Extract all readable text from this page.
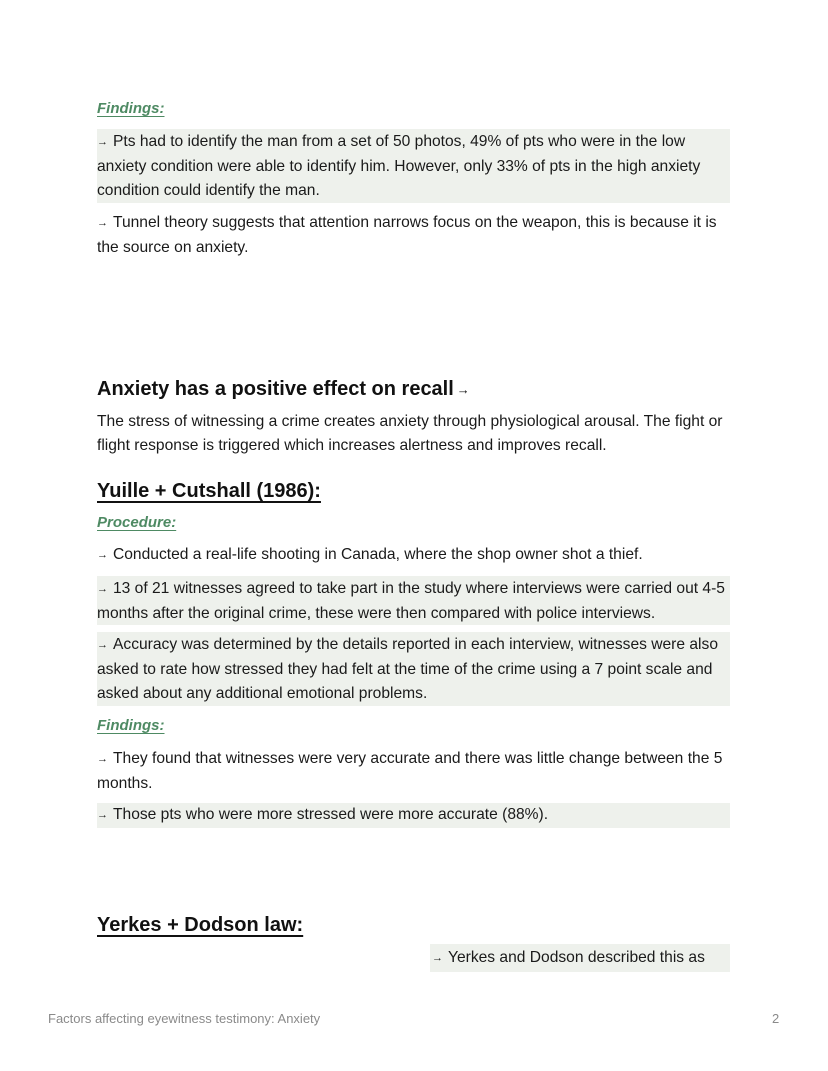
Findings:
→ Pts had to identify the man from a set of 50 photos, 49% of pts who were in the low anxiety condition were able to identify him. However, only 33% of pts in the high anxiety condition could identify the man.
→ Tunnel theory suggests that attention narrows focus on the weapon, this is because it is the source on anxiety.
Anxiety has a positive effect on recall →
The stress of witnessing a crime creates anxiety through physiological arousal. The fight or flight response is triggered which increases alertness and improves recall.
Yuille + Cutshall (1986):
Procedure:
→ Conducted a real-life shooting in Canada, where the shop owner shot a thief.
→ 13 of 21 witnesses agreed to take part in the study where interviews were carried out 4-5 months after the original crime, these were then compared with police interviews.
→ Accuracy was determined by the details reported in each interview, witnesses were also asked to rate how stressed they had felt at the time of the crime using a 7 point scale and asked about any additional emotional problems.
Findings:
→ They found that witnesses were very accurate and there was little change between the 5 months.
→ Those pts who were more stressed were more accurate (88%).
Yerkes + Dodson law:
→ Yerkes and Dodson described this as
Factors affecting eyewitness testimony: Anxiety	2
